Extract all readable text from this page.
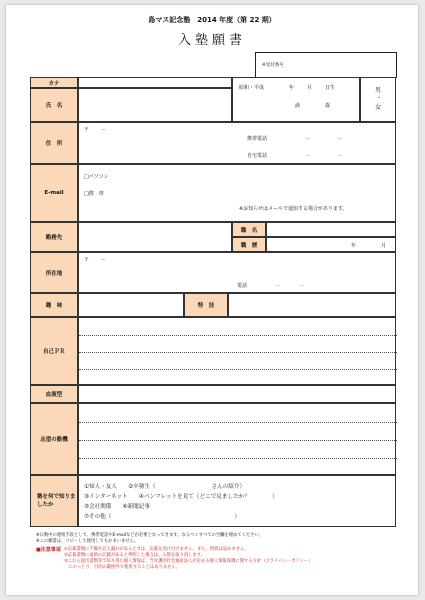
島マス記念塾　2014 年度（第 22 期）
入塾願書
※受付番号
カナ
氏　名
昭和・平成	年	月	日生
満	歳
男
・
女
住　所
〒 －
携帯電話	－	－
自宅電話	－	－
E-mail
□パソコン
□携　帯
※お知らせはメールで通知する場合があります。
勤務先
職　名
職　歴	年	月
所在地
〒 －
電話	－	－
趣　味	特　技
自己ＰＲ
血液型
志望の動機
塾を何で知りましたか
①知人・友人　　②卒塾生（　　　　　　　　　　さんの紹介）
③インターネット　　④パンフレットを見て（どこで見ましたか？　　　　）
⑤会社関係　　⑥新聞記事
⑦その他（　　　　　　　　　　　　　　　　　　　　　　）
※日数中の連絡手段として、携帯電話やE-mailなどが必要となってきます。なるべくすべての空欄を埋めてください。
※この願書は、コピーして使用してもかまいません。
■注意事項 ①応募書類に不備や記入漏れがあるときは、応募を受け付けません。また、別紙は認めません。
②応募書類に虚偽の記載があると判明した場合は、入塾を取り消します。
③これら提出書類等で知り得た個人情報は、当弁護団社会福祉法人が定める個人情報保護に関する方針（プライバシーポリシー）
　にのっとり、目的の範囲外で使用することはありません。
